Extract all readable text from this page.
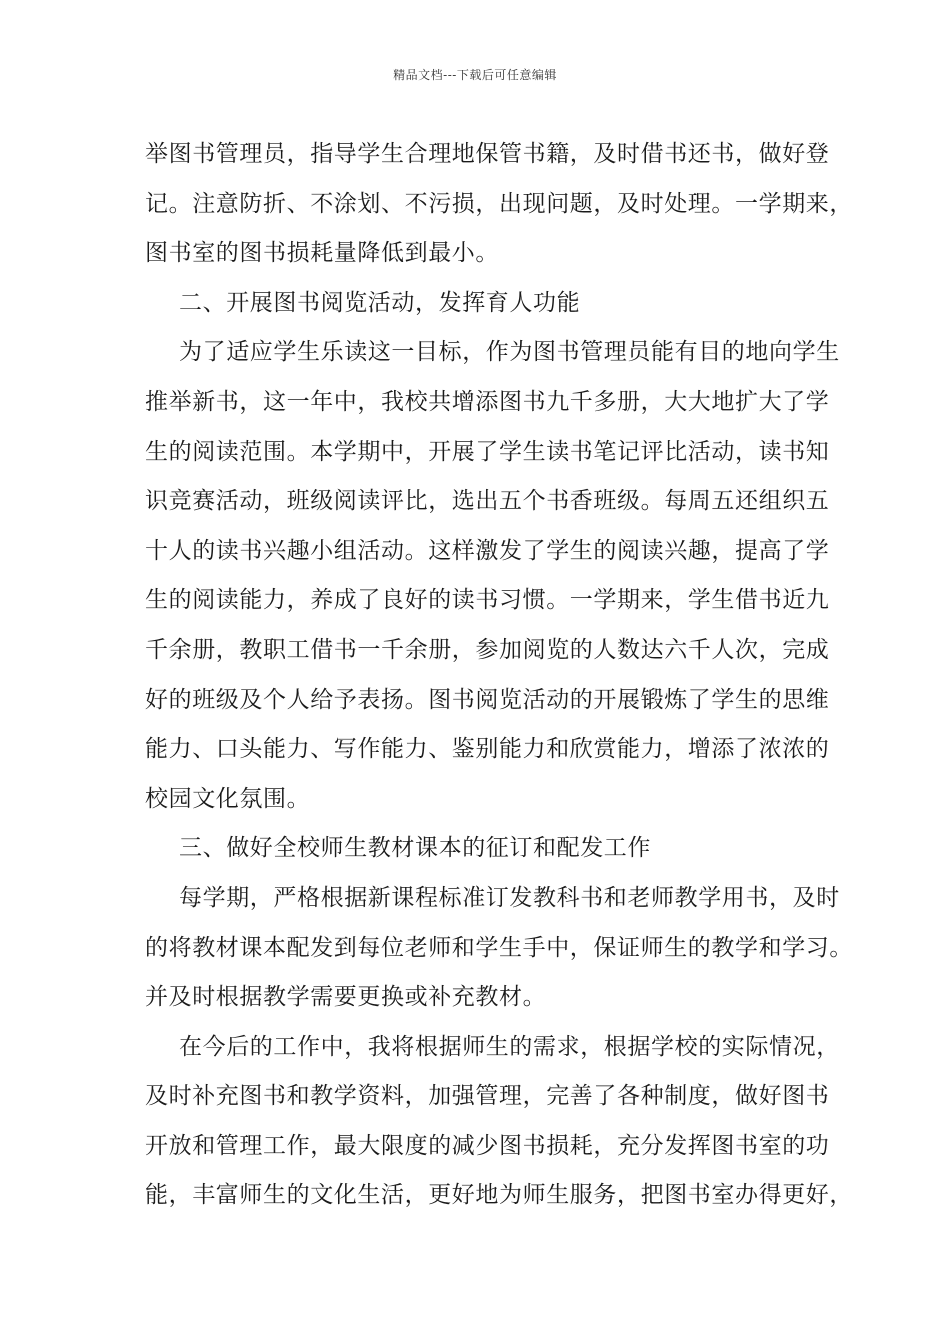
精品文档---下载后可任意编辑
举图书管理员，指导学生合理地保管书籍，及时借书还书，做好登
记。注意防折、不涂划、不污损，出现问题，及时处理。一学期来，
图书室的图书损耗量降低到最小。
二、开展图书阅览活动，发挥育人功能
为了适应学生乐读这一目标，作为图书管理员能有目的地向学生
推举新书，这一年中，我校共增添图书九千多册，大大地扩大了学
生的阅读范围。本学期中，开展了学生读书笔记评比活动，读书知
识竞赛活动，班级阅读评比，选出五个书香班级。每周五还组织五
十人的读书兴趣小组活动。这样激发了学生的阅读兴趣，提高了学
生的阅读能力，养成了良好的读书习惯。一学期来，学生借书近九
千余册，教职工借书一千余册，参加阅览的人数达六千人次，完成
好的班级及个人给予表扬。图书阅览活动的开展锻炼了学生的思维
能力、口头能力、写作能力、鉴别能力和欣赏能力，增添了浓浓的
校园文化氛围。
三、做好全校师生教材课本的征订和配发工作
每学期，严格根据新课程标准订发教科书和老师教学用书，及时
的将教材课本配发到每位老师和学生手中，保证师生的教学和学习。
并及时根据教学需要更换或补充教材。
在今后的工作中，我将根据师生的需求，根据学校的实际情况，
及时补充图书和教学资料，加强管理，完善了各种制度，做好图书
开放和管理工作，最大限度的减少图书损耗，充分发挥图书室的功
能，丰富师生的文化生活，更好地为师生服务，把图书室办得更好，
